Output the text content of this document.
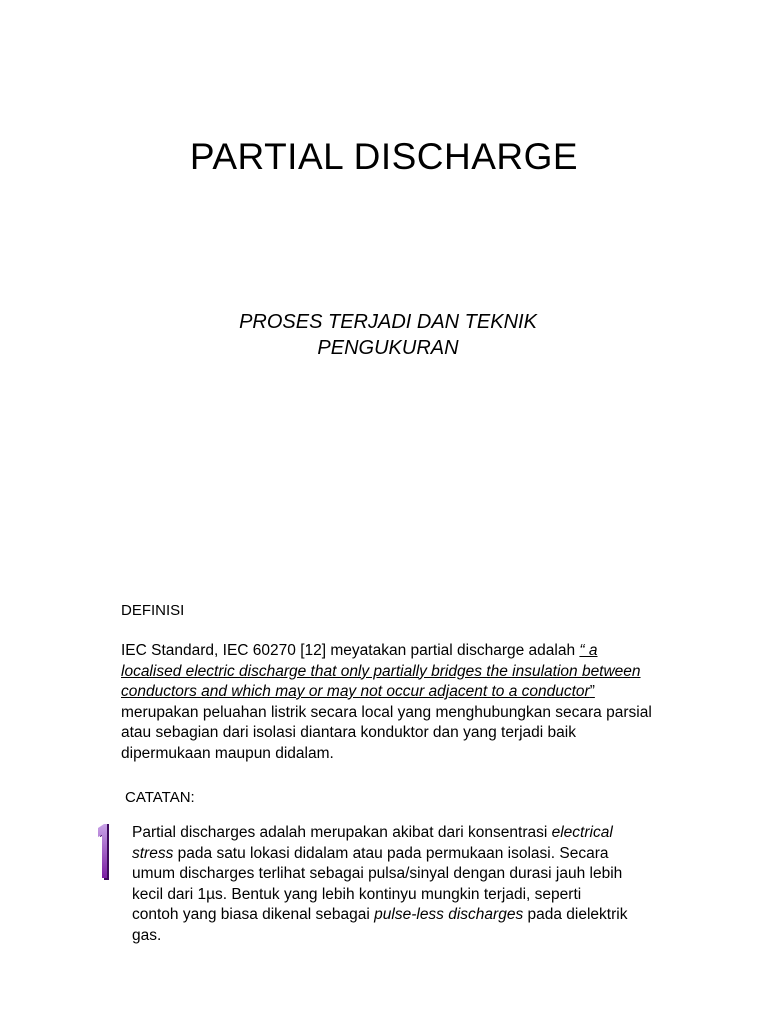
PARTIAL DISCHARGE
PROSES TERJADI DAN TEKNIK
PENGUKURAN
DEFINISI
IEC Standard, IEC 60270 [12] meyatakan partial discharge adalah “ a
localised electric discharge that only partially bridges the insulation between
conductors and which may or may not occur adjacent to a conductor”
merupakan peluahan listrik secara local yang menghubungkan secara parsial
atau sebagian dari isolasi diantara konduktor dan yang terjadi baik
dipermukaan maupun didalam.
CATATAN:
Partial discharges adalah merupakan akibat dari konsentrasi electrical
stress pada satu lokasi didalam atau pada permukaan isolasi. Secara
umum discharges terlihat sebagai pulsa/sinyal dengan durasi jauh lebih
kecil dari 1µs. Bentuk yang lebih kontinyu mungkin terjadi, seperti
contoh yang biasa dikenal sebagai pulse-less discharges pada dielektrik
gas.
